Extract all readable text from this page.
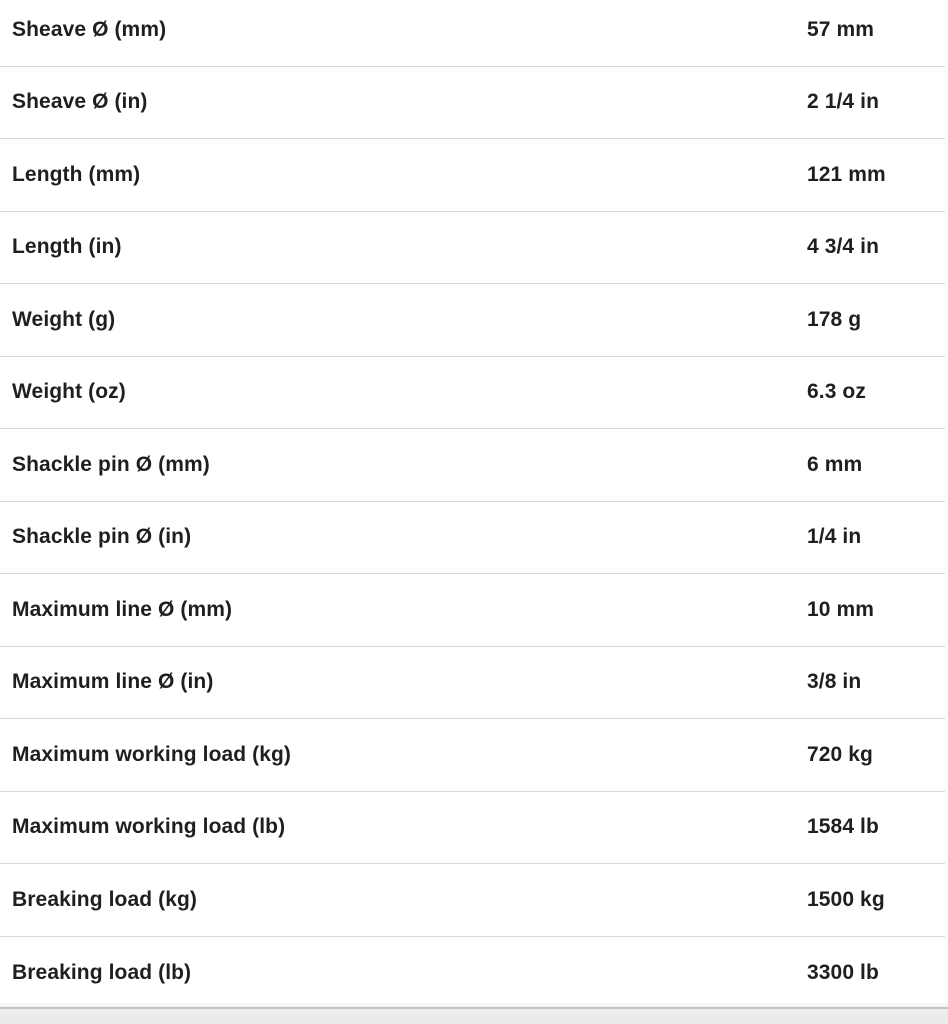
Sheave Ø (mm)	57 mm
Sheave Ø (in)	2 1/4 in
Length (mm)	121 mm
Length (in)	4 3/4 in
Weight (g)	178 g
Weight (oz)	6.3 oz
Shackle pin Ø (mm)	6 mm
Shackle pin Ø (in)	1/4 in
Maximum line Ø (mm)	10 mm
Maximum line Ø (in)	3/8 in
Maximum working load (kg)	720 kg
Maximum working load (lb)	1584 lb
Breaking load (kg)	1500 kg
Breaking load (lb)	3300 lb
